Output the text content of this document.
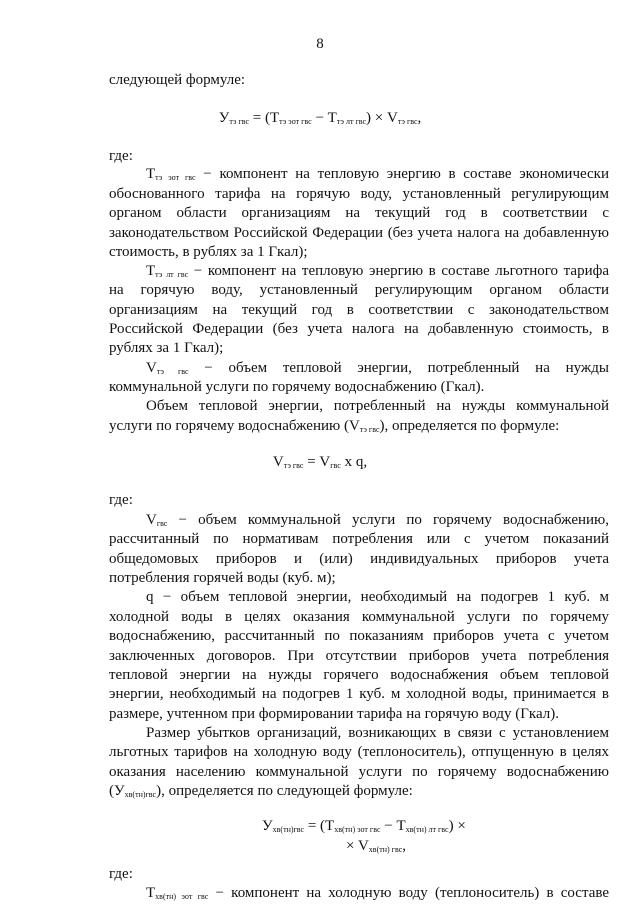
8
следующей формуле:
$У_{тэ гвс} = (Т_{тэ эот гвс} - Т_{тэ лт гвс}) \times V_{тэ гвс}$,
где:
$Т_{тэ эот гвс}$ − компонент на тепловую энергию в составе экономически
обоснованного тарифа на горячую воду, установленный регулирующим
органом области организациям на текущий год в соответствии с
законодательством Российской Федерации (без учета налога на добавленную
стоимость, в рублях за 1 Гкал);
$Т_{тэ лт гвс}$ − компонент на тепловую энергию в составе льготного тарифа
на горячую воду, установленный регулирующим органом области
организациям на текущий год в соответствии с законодательством
Российской Федерации (без учета налога на добавленную стоимость, в
рублях за 1 Гкал);
$V_{тэ гвс}$ − объем тепловой энергии, потребленный на нужды
коммунальной услуги по горячему водоснабжению (Гкал).
Объем тепловой энергии, потребленный на нужды коммунальной
услуги по горячему водоснабжению $(V_{тэ гвс})$, определяется по формуле:
$V_{тэ гвс} = V_{гвс}$ x q,
где:
$V_{гвс}$ − объем коммунальной услуги по горячему водоснабжению,
рассчитанный по нормативам потребления или с учетом показаний
общедомовых приборов и (или) индивидуальных приборов учета
потребления горячей воды (куб. м);
q − объем тепловой энергии, необходимый на подогрев 1 куб. м
холодной воды в целях оказания коммунальной услуги по горячему
водоснабжению, рассчитанный по показаниям приборов учета с учетом
заключенных договоров. При отсутствии приборов учета потребления
тепловой энергии на нужды горячего водоснабжения объем тепловой
энергии, необходимый на подогрев 1 куб. м холодной воды, принимается в
размере, учтенном при формировании тарифа на горячую воду (Гкал).
Размер убытков организаций, возникающих в связи с установлением
льготных тарифов на холодную воду (теплоноситель), отпущенную в целях
оказания населению коммунальной услуги по горячему водоснабжению
$(У_{хв(тн)гвс})$, определяется по следующей формуле:
$У_{хв(тн)гвс} = (Т_{хв(тн) эот гвс} - Т_{хв(тн) лт гвс})$ ×
× $V_{хв(тн) гвс}$,
где:
$Т_{хв(тн) эот гвс}$ − компонент на холодную воду (теплоноситель) в составе
